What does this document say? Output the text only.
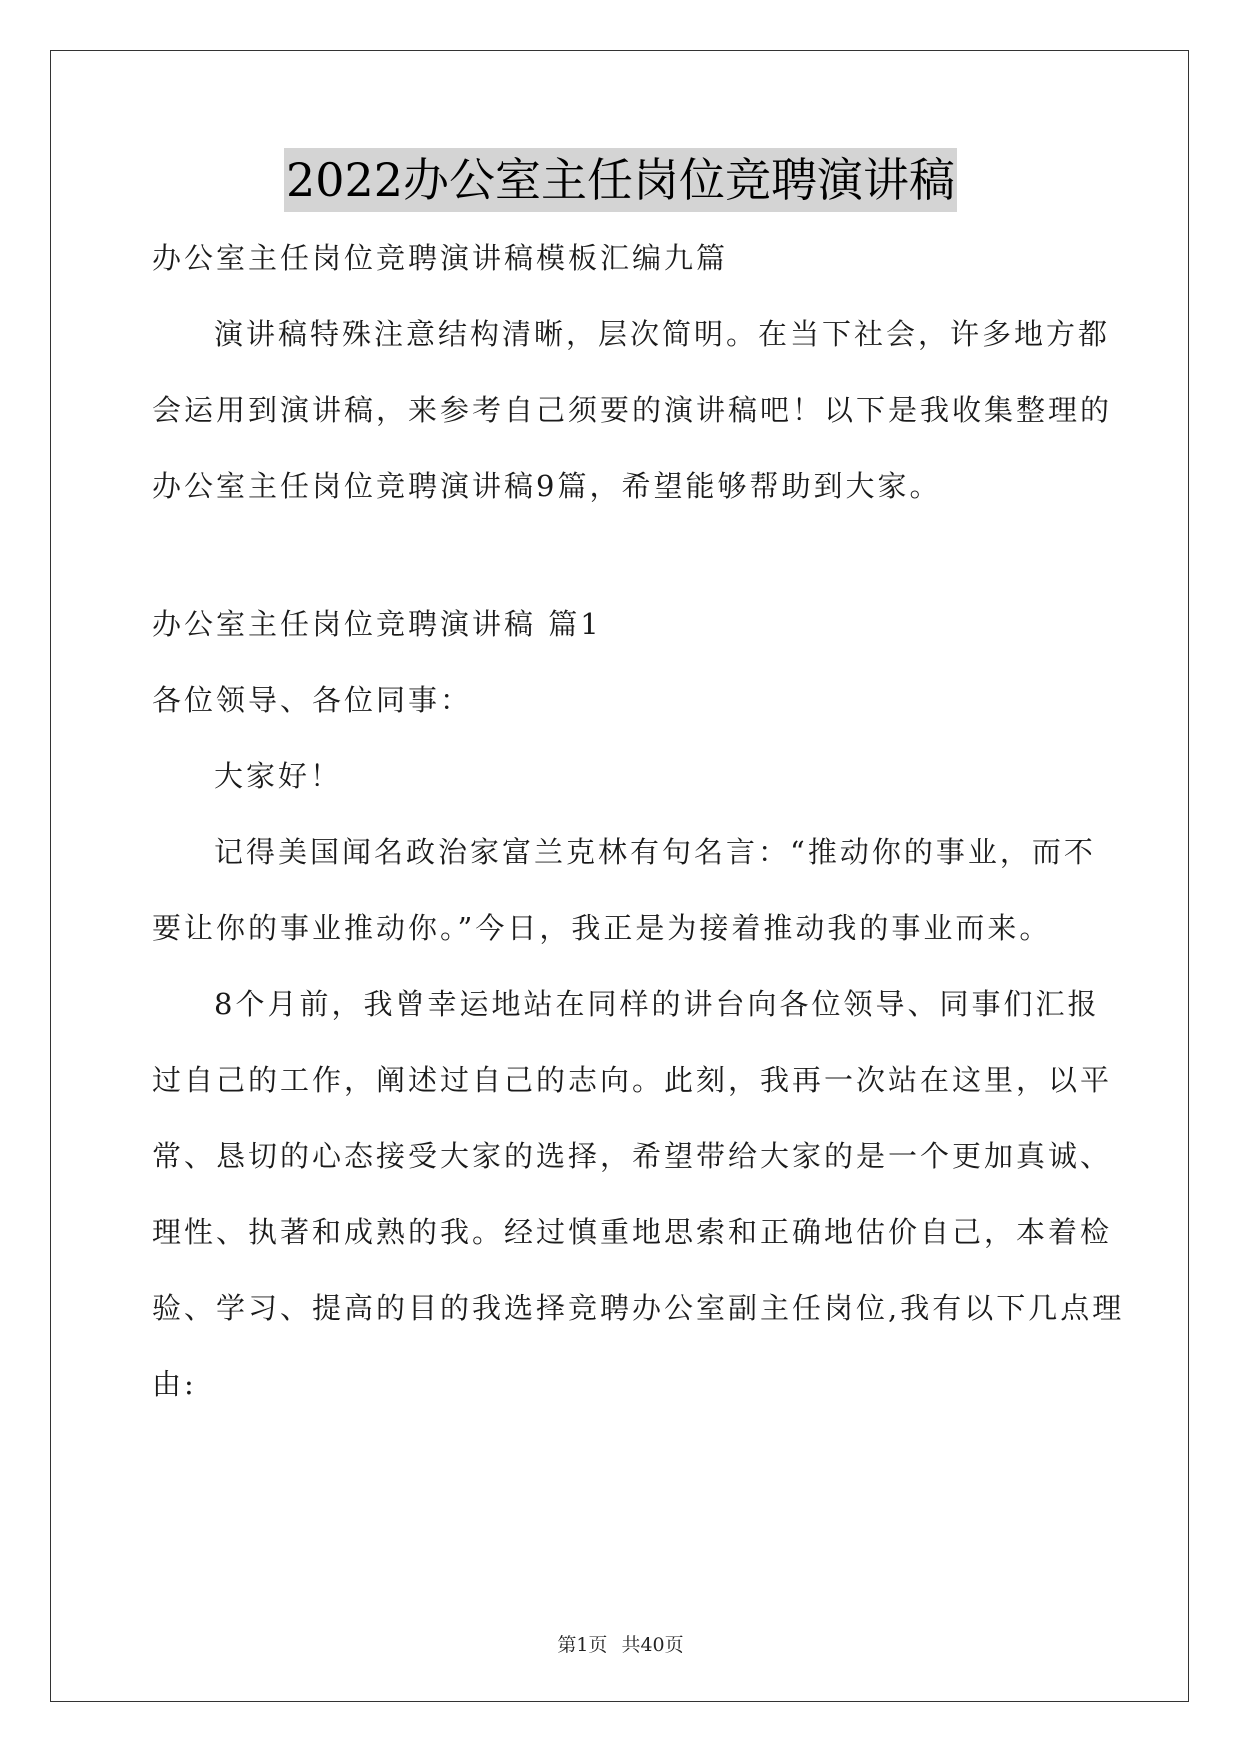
2022办公室主任岗位竞聘演讲稿
办公室主任岗位竞聘演讲稿模板汇编九篇
演讲稿特殊注意结构清晰，层次简明。在当下社会，许多地方都
会运用到演讲稿，来参考自己须要的演讲稿吧！以下是我收集整理的
办公室主任岗位竞聘演讲稿9篇，希望能够帮助到大家。
办公室主任岗位竞聘演讲稿 篇1
各位领导、各位同事：
大家好！
记得美国闻名政治家富兰克林有句名言：“推动你的事业，而不
要让你的事业推动你。”今日，我正是为接着推动我的事业而来。
8个月前，我曾幸运地站在同样的讲台向各位领导、同事们汇报
过自己的工作，阐述过自己的志向。此刻，我再一次站在这里，以平
常、恳切的心态接受大家的选择，希望带给大家的是一个更加真诚、
理性、执著和成熟的我。经过慎重地思索和正确地估价自己，本着检
验、学习、提高的目的我选择竞聘办公室副主任岗位,我有以下几点理
由:
第1页 共40页
